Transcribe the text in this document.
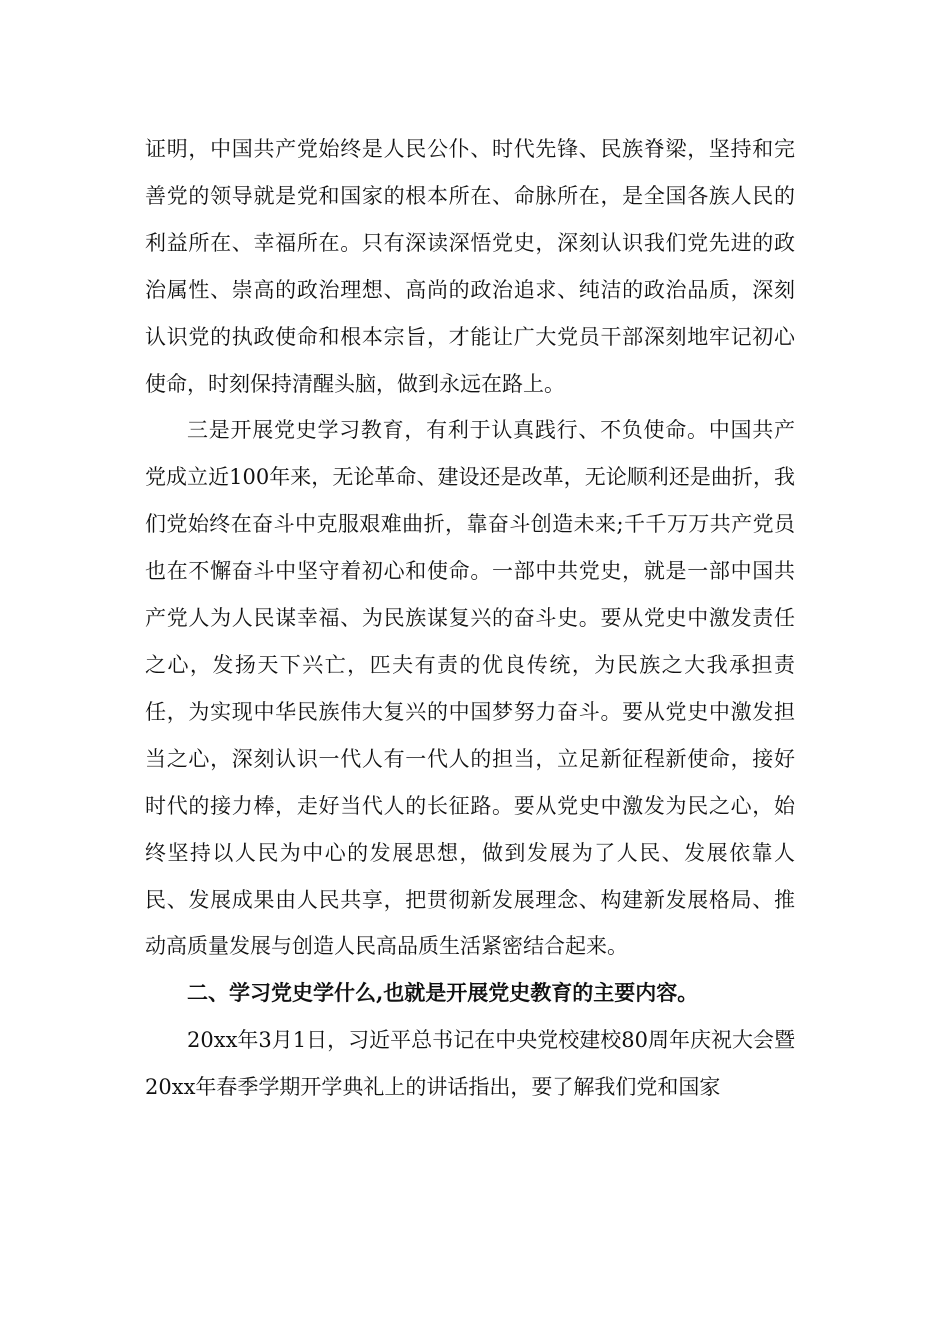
证明，中国共产党始终是人民公仆、时代先锋、民族脊梁，坚持和完善党的领导就是党和国家的根本所在、命脉所在，是全国各族人民的利益所在、幸福所在。只有深读深悟党史，深刻认识我们党先进的政治属性、崇高的政治理想、高尚的政治追求、纯洁的政治品质，深刻认识党的执政使命和根本宗旨，才能让广大党员干部深刻地牢记初心使命，时刻保持清醒头脑，做到永远在路上。

三是开展党史学习教育，有利于认真践行、不负使命。中国共产党成立近100年来，无论革命、建设还是改革，无论顺利还是曲折，我们党始终在奋斗中克服艰难曲折，靠奋斗创造未来;千千万万共产党员也在不懈奋斗中坚守着初心和使命。一部中共党史，就是一部中国共产党人为人民谋幸福、为民族谋复兴的奋斗史。要从党史中激发责任之心，发扬天下兴亡，匹夫有责的优良传统，为民族之大我承担责任，为实现中华民族伟大复兴的中国梦努力奋斗。要从党史中激发担当之心，深刻认识一代人有一代人的担当，立足新征程新使命，接好时代的接力棒，走好当代人的长征路。要从党史中激发为民之心，始终坚持以人民为中心的发展思想，做到发展为了人民、发展依靠人民、发展成果由人民共享，把贯彻新发展理念、构建新发展格局、推动高质量发展与创造人民高品质生活紧密结合起来。

二、学习党史学什么,也就是开展党史教育的主要内容。

20xx年3月1日，习近平总书记在中央党校建校80周年庆祝大会暨20xx年春季学期开学典礼上的讲话指出，要了解我们党和国家
